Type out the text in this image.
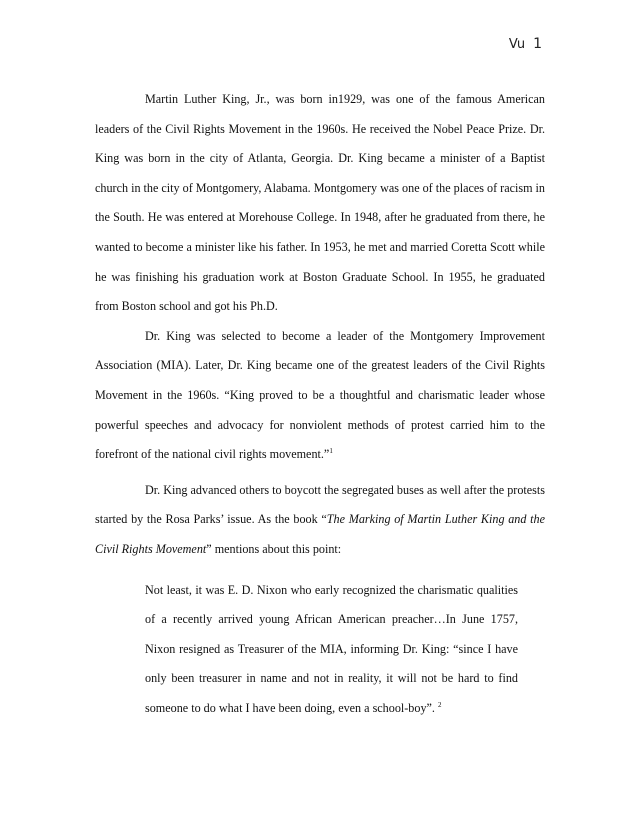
Vu 1

Martin Luther King, Jr., was born in1929, was one of the famous American leaders of the Civil Rights Movement in the 1960s. He received the Nobel Peace Prize. Dr. King was born in the city of Atlanta, Georgia. Dr. King became a minister of a Baptist church in the city of Montgomery, Alabama. Montgomery was one of the places of racism in the South. He was entered at Morehouse College. In 1948, after he graduated from there, he wanted to become a minister like his father. In 1953, he met and married Coretta Scott while he was finishing his graduation work at Boston Graduate School. In 1955, he graduated from Boston school and got his Ph.D.

Dr. King was selected to become a leader of the Montgomery Improvement Association (MIA). Later, Dr. King became one of the greatest leaders of the Civil Rights Movement in the 1960s. “King proved to be a thoughtful and charismatic leader whose powerful speeches and advocacy for nonviolent methods of protest carried him to the forefront of the national civil rights movement.”$^1$

Dr. King advanced others to boycott the segregated buses as well after the protests started by the Rosa Parks’ issue. As the book “The Marking of Martin Luther King and the Civil Rights Movement” mentions about this point:

Not least, it was E. D. Nixon who early recognized the charismatic qualities of a recently arrived young African American preacher…In June 1757, Nixon resigned as Treasurer of the MIA, informing Dr. King: “since I have only been treasurer in name and not in reality, it will not be hard to find someone to do what I have been doing, even a school-boy”. $^2$
